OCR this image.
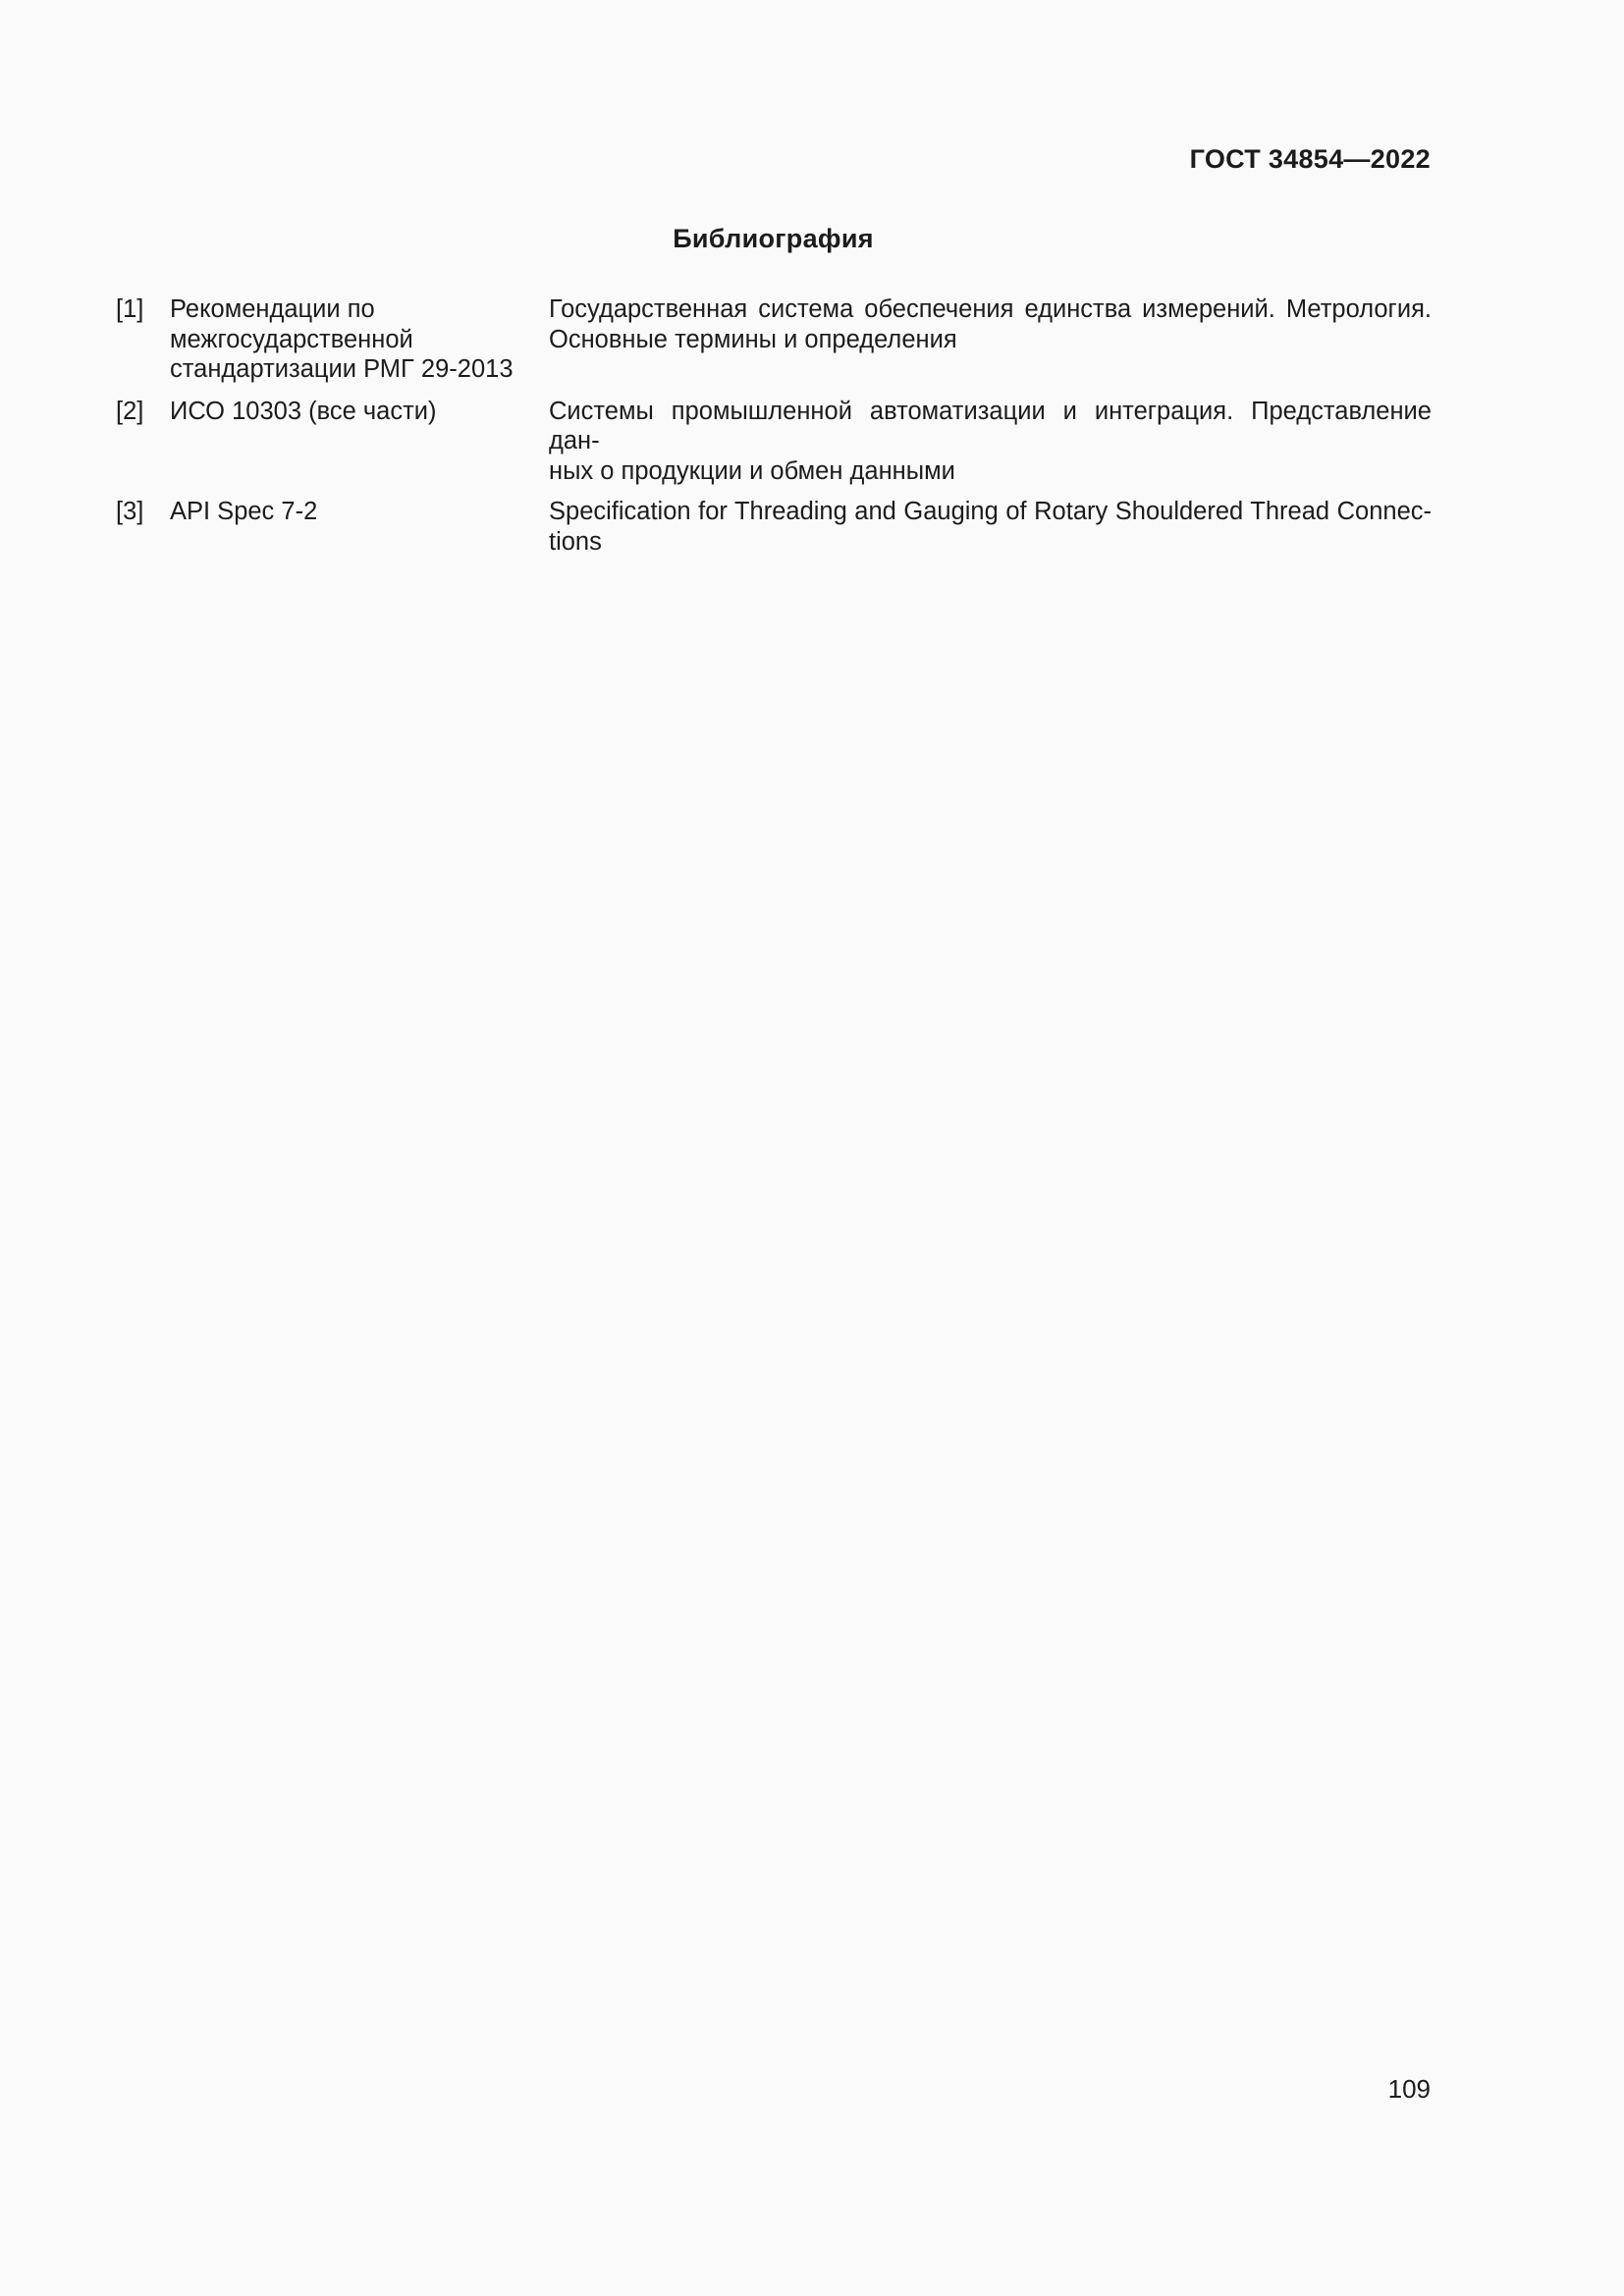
ГОСТ 34854—2022
Библиография
[1] Рекомендации по
межгосударственной
стандартизации РМГ 29-2013
Государственная система обеспечения единства измерений. Метрология.
Основные термины и определения
[2] ИСО 10303 (все части)	Системы промышленной автоматизации и интеграция. Представление дан-
ных о продукции и обмен данными
[3] API Spec 7-2	Specification for Threading and Gauging of Rotary Shouldered Thread Connec-
tions
109
